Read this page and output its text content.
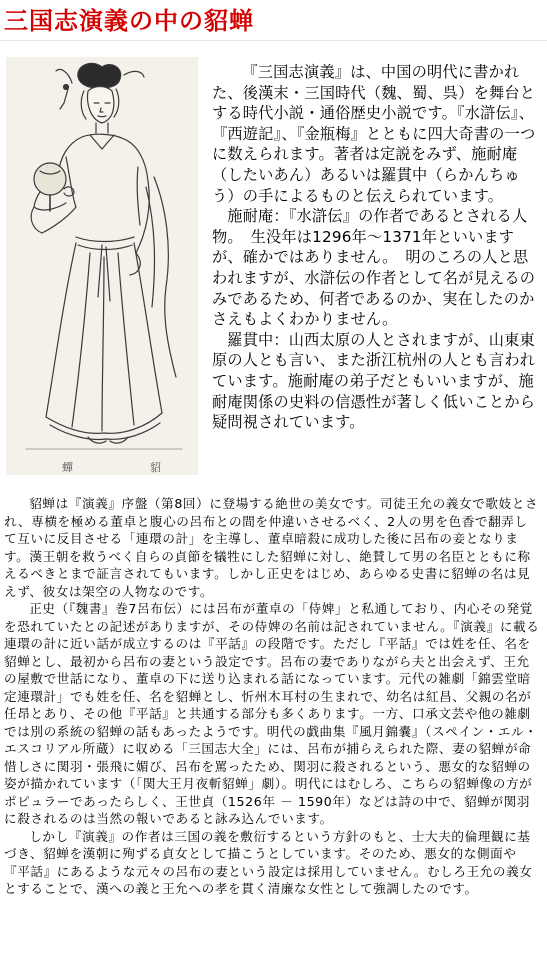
三国志演義の中の貂蝉
蟬	貂

『三国志演義』は、中国の明代に書かれた、後漢末・三国時代（魏、蜀、呉）を舞台とする時代小説・通俗歴史小説です。『水滸伝』、『西遊記』、『金瓶梅』とともに四大奇書の一つに数えられます。著者は定説をみず、施耐庵（したいあん）あるいは羅貫中（らかんちゅう）の手によるものと伝えられています。

施耐庵：『水滸伝』の作者であるとされる人物。　生没年は1296年～1371年といいますが、確かではありません。　明のころの人と思われますが、水滸伝の作者として名が見えるのみであるため、何者であるのか、実在したのかさえもよくわかりません。

羅貫中：山西太原の人とされますが、山東東原の人とも言い、また浙江杭州の人とも言われています。施耐庵の弟子だともいいますが、施耐庵関係の史料の信憑性が著しく低いことから疑問視されています。

貂蝉は『演義』序盤（第8回）に登場する絶世の美女です。司徒王允の義女で歌妓とされ、専横を極める董卓と腹心の呂布との間を仲違いさせるべく、2人の男を色香で翻弄して互いに反目させる「連環の計」を主導し、董卓暗殺に成功した後に呂布の妾となります。漢王朝を救うべく自らの貞節を犠牲にした貂蝉に対し、絶賛して男の名臣とともに称えるべきとまで証言されてもいます。しかし正史をはじめ、あらゆる史書に貂蝉の名は見えず、彼女は架空の人物なのです。

正史（『魏書』巻7呂布伝）には呂布が董卓の「侍婢」と私通しており、内心その発覚を恐れていたとの記述がありますが、その侍婢の名前は記されていません。『演義』に載る連環の計に近い話が成立するのは『平話』の段階です。ただし『平話』では姓を任、名を貂蝉とし、最初から呂布の妻という設定です。呂布の妻でありながら夫と出会えず、王允の屋敷で世話になり、董卓の下に送り込まれる話になっています。元代の雑劇「錦雲堂暗定連環計」でも姓を任、名を貂蝉とし、忻州木耳村の生まれで、幼名は紅昌、父親の名が任昂とあり、その他『平話』と共通する部分も多くあります。一方、口承文芸や他の雑劇では別の系統の貂蝉の話もあったようです。明代の戯曲集『風月錦嚢』（スペイン・エル・エスコリアル所蔵）に収める「三国志大全」には、呂布が捕らえられた際、妻の貂蝉が命惜しさに関羽・張飛に媚び、呂布を罵ったため、関羽に殺されるという、悪女的な貂蝉の姿が描かれています（「関大王月夜斬貂蝉」劇）。明代にはむしろ、こちらの貂蝉像の方がポピュラーであったらしく、王世貞（1526年 － 1590年）などは詩の中で、貂蝉が関羽に殺されるのは当然の報いであると詠み込んでいます。

しかし『演義』の作者は三国の義を敷衍するという方針のもと、士大夫的倫理観に基づき、貂蝉を漢朝に殉ずる貞女として描こうとしています。そのため、悪女的な側面や『平話』にあるような元々の呂布の妻という設定は採用していません。むしろ王允の義女とすることで、漢への義と王允への孝を貫く清廉な女性として強調したのです。
